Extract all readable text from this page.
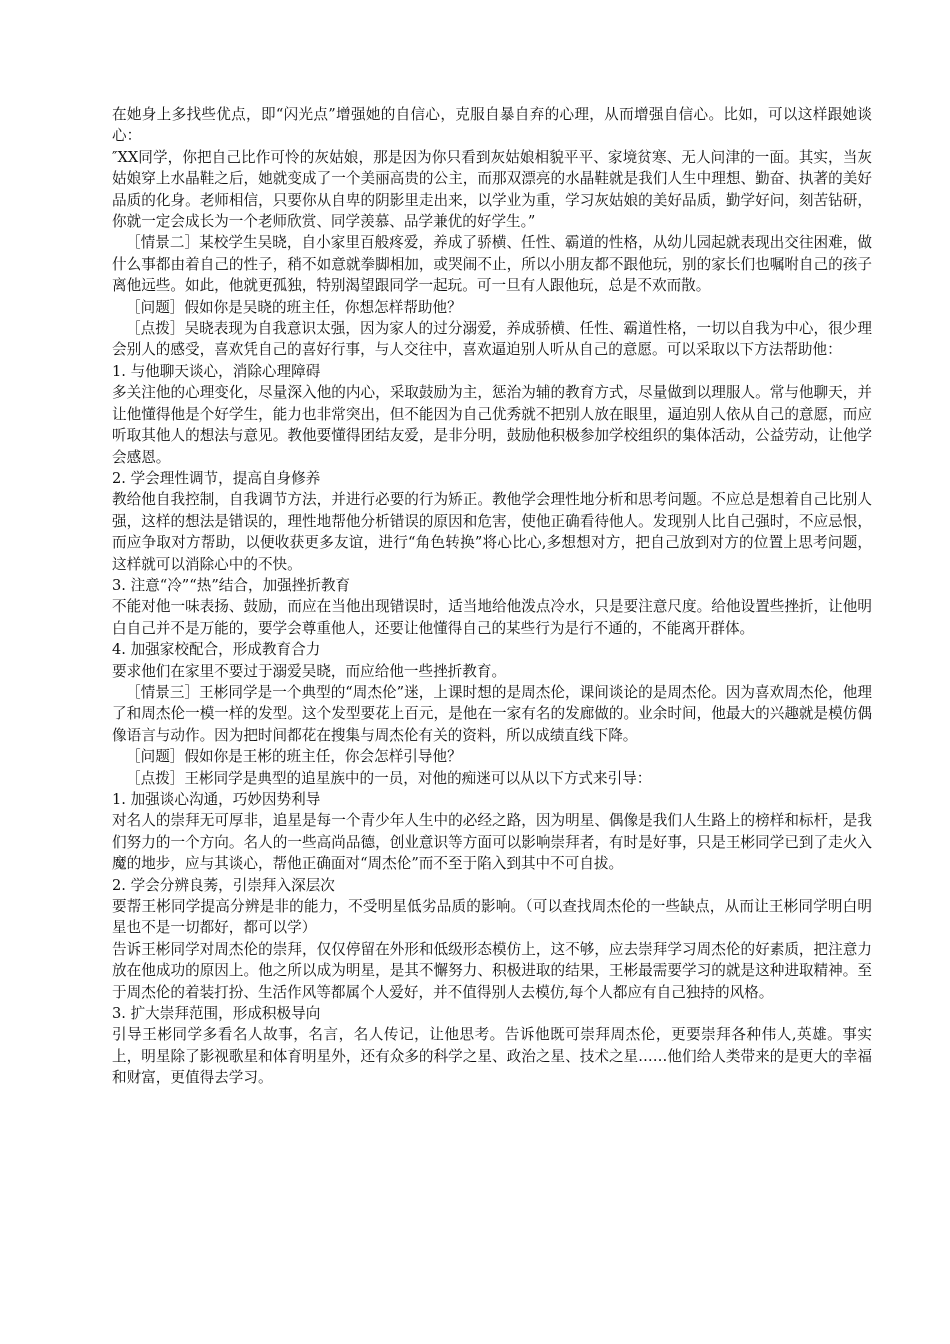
在她身上多找些优点，即“闪光点”增强她的自信心，克服自暴自弃的心理，从而增强自信心。比如，可以这样跟她谈心：

″XX同学，你把自己比作可怜的灰姑娘，那是因为你只看到灰姑娘相貌平平、家境贫寒、无人问津的一面。其实，当灰姑娘穿上水晶鞋之后，她就变成了一个美丽高贵的公主，而那双漂亮的水晶鞋就是我们人生中理想、勤奋、执著的美好品质的化身。老师相信，只要你从自卑的阴影里走出来，以学业为重，学习灰姑娘的美好品质，勤学好问，刻苦钻研，你就一定会成长为一个老师欣赏、同学羡慕、品学兼优的好学生。”

［情景二］某校学生吴晓，自小家里百般疼爱，养成了骄横、任性、霸道的性格，从幼儿园起就表现出交往困难，做什么事都由着自己的性子，稍不如意就拳脚相加，或哭闹不止，所以小朋友都不跟他玩，别的家长们也嘱咐自己的孩子离他远些。如此，他就更孤独，特别渴望跟同学一起玩。可一旦有人跟他玩，总是不欢而散。

［问题］假如你是吴晓的班主任，你想怎样帮助他？

［点拨］吴晓表现为自我意识太强，因为家人的过分溺爱，养成骄横、任性、霸道性格，一切以自我为中心，很少理会别人的感受，喜欢凭自己的喜好行事，与人交往中，喜欢逼迫别人听从自己的意愿。可以采取以下方法帮助他：

1. 与他聊天谈心，消除心理障碍

多关注他的心理变化，尽量深入他的内心，采取鼓励为主，惩治为辅的教育方式，尽量做到以理服人。常与他聊天，并让他懂得他是个好学生，能力也非常突出，但不能因为自己优秀就不把别人放在眼里，逼迫别人依从自己的意愿，而应听取其他人的想法与意见。教他要懂得团结友爱，是非分明，鼓励他积极参加学校组织的集体活动，公益劳动，让他学会感恩。

2. 学会理性调节，提高自身修养

教给他自我控制，自我调节方法，并进行必要的行为矫正。教他学会理性地分析和思考问题。不应总是想着自己比别人强，这样的想法是错误的，理性地帮他分析错误的原因和危害，使他正确看待他人。发现别人比自己强时，不应忌恨，而应争取对方帮助，以便收获更多友谊，进行“角色转换”将心比心,多想想对方，把自己放到对方的位置上思考问题，这样就可以消除心中的不快。

3. 注意“冷”“热”结合，加强挫折教育

不能对他一味表扬、鼓励，而应在当他出现错误时，适当地给他泼点冷水，只是要注意尺度。给他设置些挫折，让他明白自己并不是万能的，要学会尊重他人，还要让他懂得自己的某些行为是行不通的，不能离开群体。

4. 加强家校配合，形成教育合力

要求他们在家里不要过于溺爱吴晓，而应给他一些挫折教育。

［情景三］王彬同学是一个典型的“周杰伦”迷，上课时想的是周杰伦，课间谈论的是周杰伦。因为喜欢周杰伦，他理了和周杰伦一模一样的发型。这个发型要花上百元，是他在一家有名的发廊做的。业余时间，他最大的兴趣就是模仿偶像语言与动作。因为把时间都花在搜集与周杰伦有关的资料，所以成绩直线下降。

［问题］假如你是王彬的班主任，你会怎样引导他？

［点拨］王彬同学是典型的追星族中的一员，对他的痴迷可以从以下方式来引导：

1. 加强谈心沟通，巧妙因势利导

对名人的崇拜无可厚非，追星是每一个青少年人生中的必经之路，因为明星、偶像是我们人生路上的榜样和标杆，是我们努力的一个方向。名人的一些高尚品德，创业意识等方面可以影响崇拜者，有时是好事，只是王彬同学已到了走火入魔的地步，应与其谈心，帮他正确面对“周杰伦”而不至于陷入到其中不可自拔。

2. 学会分辨良莠，引崇拜入深层次

要帮王彬同学提高分辨是非的能力，不受明星低劣品质的影响。（可以查找周杰伦的一些缺点，从而让王彬同学明白明星也不是一切都好，都可以学）

告诉王彬同学对周杰伦的崇拜，仅仅停留在外形和低级形态模仿上，这不够，应去崇拜学习周杰伦的好素质，把注意力放在他成功的原因上。他之所以成为明星，是其不懈努力、积极进取的结果，王彬最需要学习的就是这种进取精神。至于周杰伦的着装打扮、生活作风等都属个人爱好，并不值得别人去模仿,每个人都应有自己独持的风格。

3. 扩大崇拜范围，形成积极导向

引导王彬同学多看名人故事，名言，名人传记，让他思考。告诉他既可崇拜周杰伦，更要崇拜各种伟人,英雄。事实上，明星除了影视歌星和体育明星外，还有众多的科学之星、政治之星、技术之星……他们给人类带来的是更大的幸福和财富，更值得去学习。
